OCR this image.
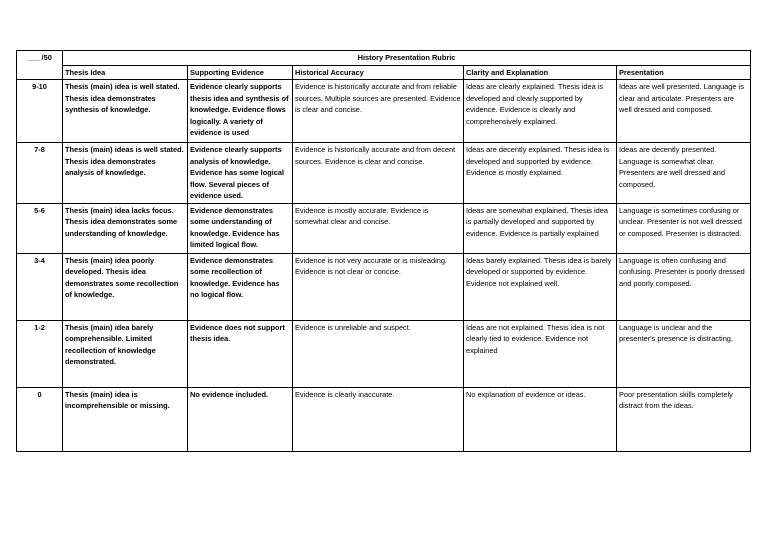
___ /50	History Presentation Rubric				
	Thesis Idea	Supporting Evidence	Historical Accuracy	Clarity and Explanation	Presentation
9-10	Thesis (main) idea is well stated. Thesis idea demonstrates synthesis of knowledge.	Evidence clearly supports thesis idea and synthesis of knowledge. Evidence flows logically. A variety of evidence is used	Evidence is historically accurate and from reliable sources. Multiple sources are presented. Evidence is clear and concise.	Ideas are clearly explained. Thesis idea is developed and clearly supported by evidence. Evidence is clearly and comprehensively explained.	Ideas are well presented. Language is clear and articulate. Presenters are well dressed and composed.
7-8	Thesis (main) ideas is well stated. Thesis idea demonstrates analysis of knowledge.	Evidence clearly supports analysis of knowledge. Evidence has some logical flow. Several pieces of evidence used.	Evidence is historically accurate and from decent sources. Evidence is clear and concise.	Ideas are decently explained. Thesis idea is developed and supported by evidence. Evidence is mostly explained.	Ideas are decently presented. Language is somewhat clear. Presenters are well dressed and composed.
5-6	Thesis (main) idea lacks focus. Thesis idea demonstrates some understanding of knowledge.	Evidence demonstrates some understanding of knowledge. Evidence has limited logical flow.	Evidence is mostly accurate. Evidence is somewhat clear and concise.	Ideas are somewhat explained. Thesis idea is partially developed and supported by evidence. Evidence is partially explained	Language is sometimes confusing or unclear. Presenter is not well dressed or composed. Presenter is distracted.
3-4	Thesis (main) idea poorly developed. Thesis idea demonstrates some recollection of knowledge.	Evidence demonstrates some recollection of knowledge. Evidence has no logical flow.	Evidence is not very accurate or is misleading. Evidence is not clear or concise.	Ideas barely explained. Thesis idea is barely developed or supported by evidence. Evidence not explained well.	Language is often confusing and confusing. Presenter is poorly dressed and poorly composed.
1-2	Thesis (main) idea barely comprehensible. Limited recollection of knowledge demonstrated.	Evidence does not support thesis idea.	Evidence is unreliable and suspect.	Ideas are not explained. Thesis idea is not clearly tied to evidence. Evidence not explained	Language is unclear and the presenter's presence is distracting.
0	Thesis (main) idea is incomprehensible or missing.	No evidence included.	Evidence is clearly inaccurate.	No explanation of evidence or ideas.	Poor presentation skills completely distract from the ideas.
